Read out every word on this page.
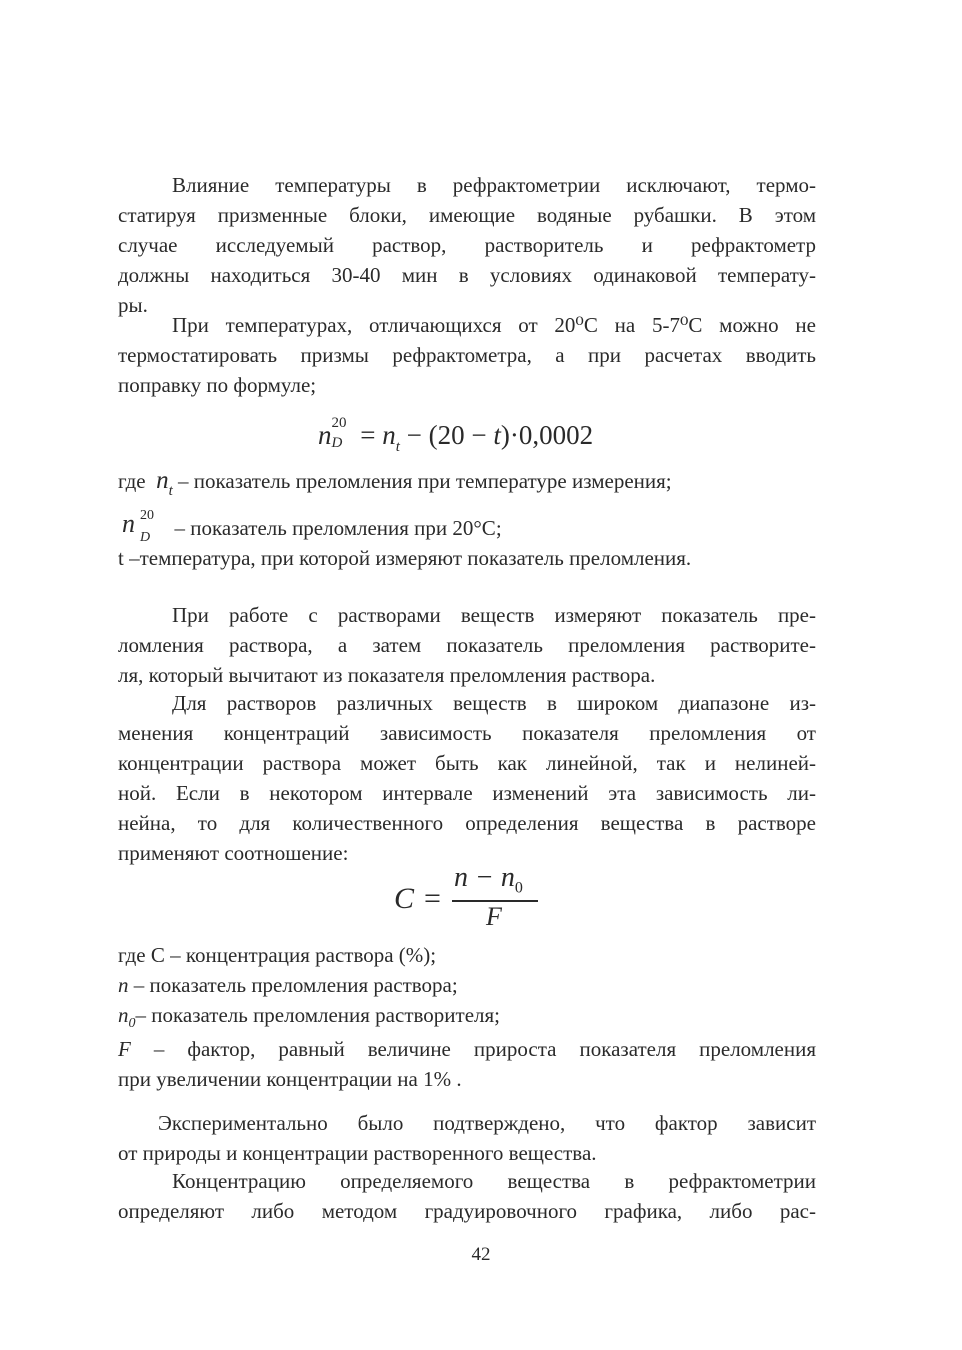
Влияние температуры в рефрактометрии исключают, термо-
статируя призменные блоки, имеющие водяные рубашки. В этом
случае исследуемый раствор, растворитель и рефрактометр
должны находиться 30-40 мин в условиях одинаковой температу-
ры.
При температурах, отличающихся от 20⁰С на 5-7⁰С можно не
термостатировать призмы рефрактометра, а при расчетах вводить
поправку по формуле;
n 20
$D = n_t - (20 - t)\cdot 0,0002$
где $n_t$ – показатель преломления при температуре измерения;
n 20
D – показатель преломления при 20°С;
t –температура, при которой измеряют показатель преломления.
При работе с растворами веществ измеряют показатель пре-
ломления раствора, а затем показатель преломления растворите-
ля, который вычитают из показателя преломления раствора.
Для растворов различных веществ в широком диапазоне из-
менения концентраций зависимость показателя преломления от
концентрации раствора может быть как линейной, так и нелиней-
ной. Если в некотором интервале изменений эта зависимость ли-
нейна, то для количественного определения вещества в растворе
применяют соотношение:
C =
$n - n_0$
F
где С – концентрация раствора (%);
n – показатель преломления раствора;
$n_0-$ показатель преломления растворителя;
F – фактор, равный величине прироста показателя преломления
при увеличении концентрации на 1% .
Экспериментально было подтверждено, что фактор зависит
от природы и концентрации растворенного вещества.
Концентрацию определяемого вещества в рефрактометрии
определяют либо методом градуировочного графика, либо рас-
42
